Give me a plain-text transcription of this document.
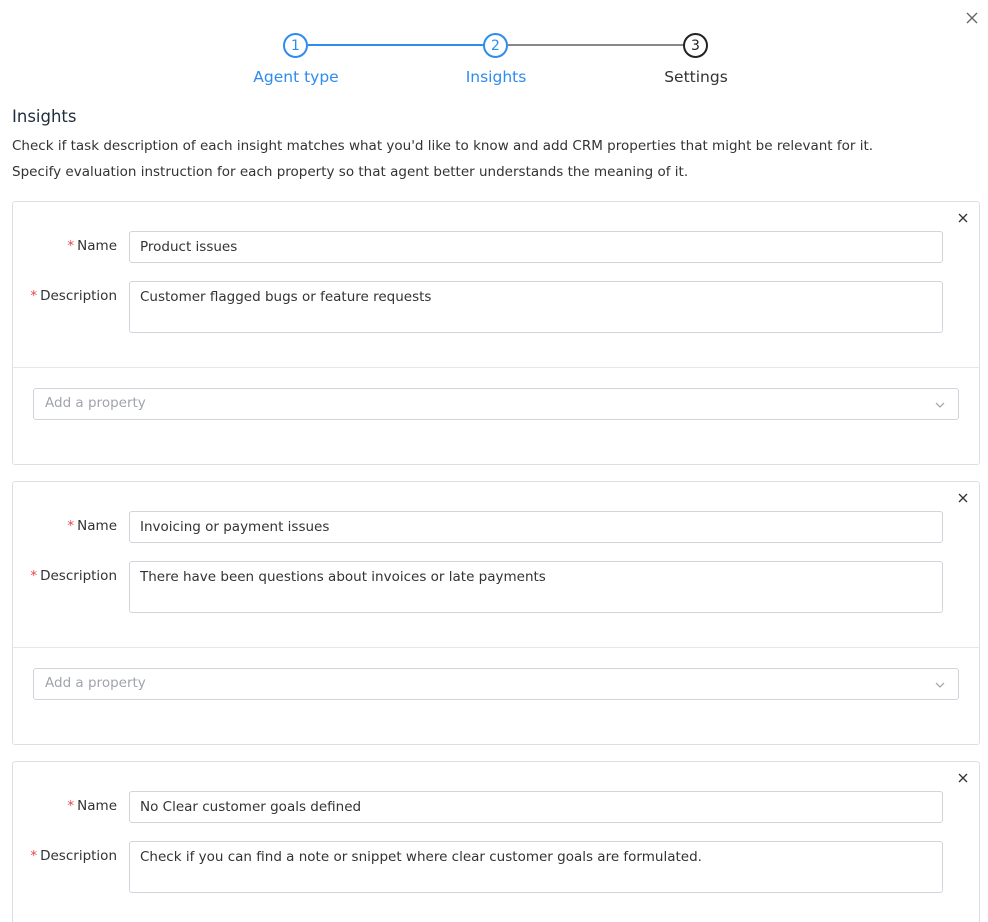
1	2	3
Agent type	Insights	Settings
Insights
Check if task description of each insight matches what you'd like to know and add CRM properties that might be relevant for it.
Specify evaluation instruction for each property so that agent better understands the meaning of it.
* Name	Product issues
* Description	Customer flagged bugs or feature requests
Add a property
* Name	Invoicing or payment issues
* Description	There have been questions about invoices or late payments
Add a property
* Name	No Clear customer goals defined
* Description	Check if you can find a note or snippet where clear customer goals are formulated.
